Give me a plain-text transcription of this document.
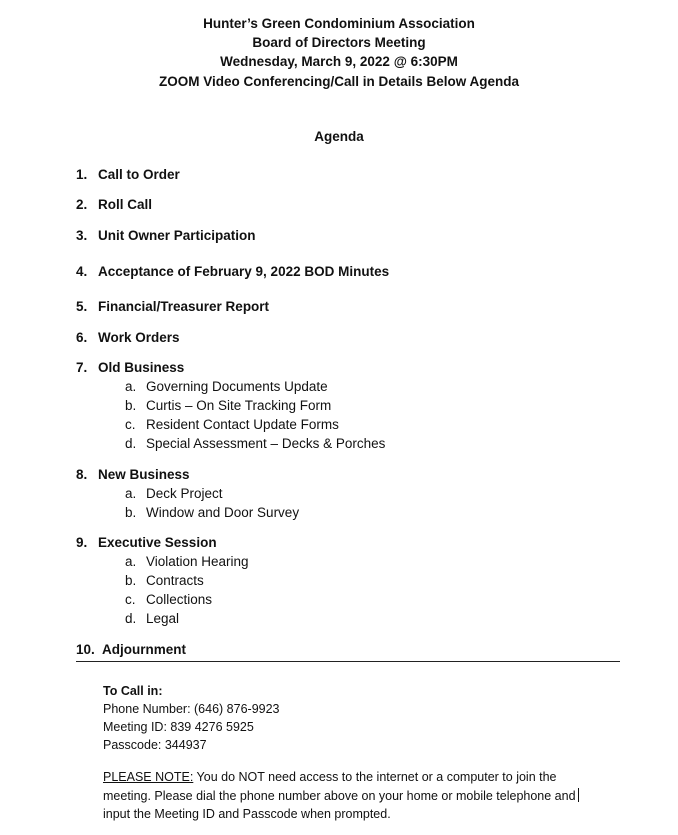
Hunter’s Green Condominium Association
Board of Directors Meeting
Wednesday, March 9, 2022 @ 6:30PM
ZOOM Video Conferencing/Call in Details Below Agenda
Agenda
1. Call to Order
2. Roll Call
3. Unit Owner Participation
4. Acceptance of February 9, 2022 BOD Minutes
5. Financial/Treasurer Report
6. Work Orders
7. Old Business
a. Governing Documents Update
b. Curtis – On Site Tracking Form
c. Resident Contact Update Forms
d. Special Assessment – Decks & Porches
8. New Business
a. Deck Project
b. Window and Door Survey
9. Executive Session
a. Violation Hearing
b. Contracts
c. Collections
d. Legal
10. Adjournment
To Call in:
Phone Number: (646) 876-9923
Meeting ID: 839 4276 5925
Passcode: 344937
PLEASE NOTE: You do NOT need access to the internet or a computer to join the
meeting. Please dial the phone number above on your home or mobile telephone and
input the Meeting ID and Passcode when prompted.
